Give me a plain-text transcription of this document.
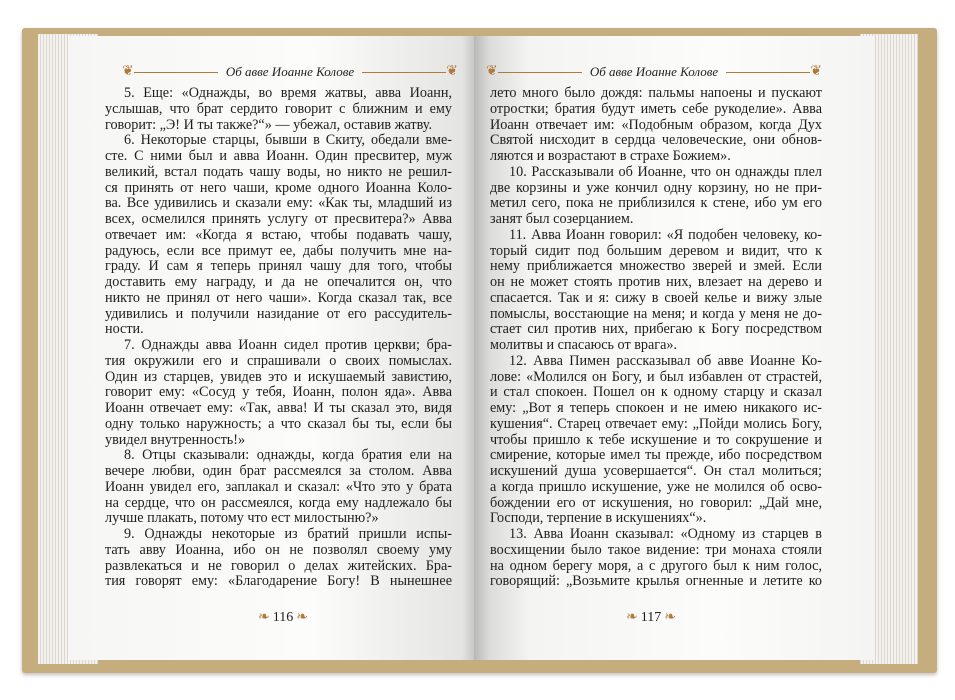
❦	Об авве Иоанне Колове	❦
5. Еще: «Однажды, во время жатвы, авва Иоанн,
услышав, что брат сердито говорит с ближним и ему
говорит: „Э! И ты также?“» — убежал, оставив жатву.
6. Некоторые старцы, бывши в Скиту, обедали вме-
сте. С ними был и авва Иоанн. Один пресвитер, муж
великий, встал подать чашу воды, но никто не решил-
ся принять от него чаши, кроме одного Иоанна Коло-
ва. Все удивились и сказали ему: «Как ты, младший из
всех, осмелился принять услугу от пресвитера?» Авва
отвечает им: «Когда я встаю, чтобы подавать чашу,
радуюсь, если все примут ее, дабы получить мне на-
граду. И сам я теперь принял чашу для того, чтобы
доставить ему награду, и да не опечалится он, что
никто не принял от него чаши». Когда сказал так, все
удивились и получили назидание от его рассудитель-
ности.
7. Однажды авва Иоанн сидел против церкви; бра-
тия окружили его и спрашивали о своих помыслах.
Один из старцев, увидев это и искушаемый завистию,
говорит ему: «Сосуд у тебя, Иоанн, полон яда». Авва
Иоанн отвечает ему: «Так, авва! И ты сказал это, видя
одну только наружность; а что сказал бы ты, если бы
увидел внутренность!»
8. Отцы сказывали: однажды, когда братия ели на
вечере любви, один брат рассмеялся за столом. Авва
Иоанн увидел его, заплакал и сказал: «Что это у брата
на сердце, что он рассмеялся, когда ему надлежало бы
лучше плакать, потому что ест милостыню?»
9. Однажды некоторые из братий пришли испы-
тать авву Иоанна, ибо он не позволял своему уму
развлекаться и не говорил о делах житейских. Бра-
тия говорят ему: «Благодарение Богу! В нынешнее
❧ 116 ❧
❦	Об авве Иоанне Колове	❦
лето много было дождя: пальмы напоены и пускают
отростки; братия будут иметь себе рукоделие». Авва
Иоанн отвечает им: «Подобным образом, когда Дух
Святой нисходит в сердца человеческие, они обнов-
ляются и возрастают в страхе Божием».
10. Рассказывали об Иоанне, что он однажды плел
две корзины и уже кончил одну корзину, но не при-
метил сего, пока не приблизился к стене, ибо ум его
занят был созерцанием.
11. Авва Иоанн говорил: «Я подобен человеку, ко-
торый сидит под большим деревом и видит, что к
нему приближается множество зверей и змей. Если
он не может стоять против них, влезает на дерево и
спасается. Так и я: сижу в своей келье и вижу злые
помыслы, восстающие на меня; и когда у меня не до-
стает сил против них, прибегаю к Богу посредством
молитвы и спасаюсь от врага».
12. Авва Пимен рассказывал об авве Иоанне Ко-
лове: «Молился он Богу, и был избавлен от страстей,
и стал спокоен. Пошел он к одному старцу и сказал
ему: „Вот я теперь спокоен и не имею никакого ис-
кушения“. Старец отвечает ему: „Пойди молись Богу,
чтобы пришло к тебе искушение и то сокрушение и
смирение, которые имел ты прежде, ибо посредством
искушений душа усовершается“. Он стал молиться;
а когда пришло искушение, уже не молился об осво-
бождении его от искушения, но говорил: „Дай мне,
Господи, терпение в искушениях“».
13. Авва Иоанн сказывал: «Одному из старцев в
восхищении было такое видение: три монаха стояли
на одном берегу моря, а с другого был к ним голос,
говорящий: „Возьмите крылья огненные и летите ко
❧ 117 ❧
